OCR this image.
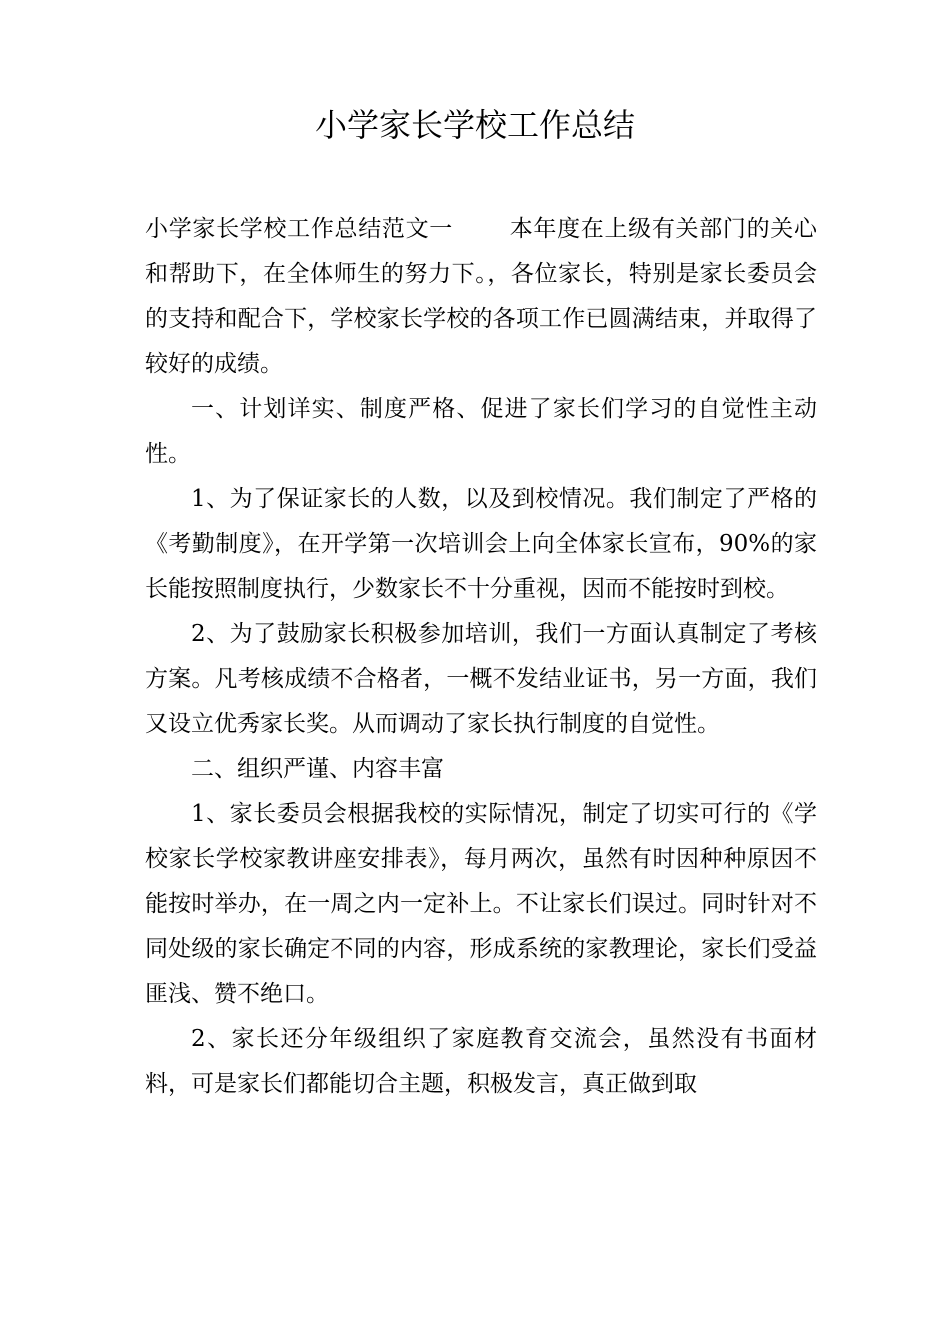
小学家长学校工作总结

小学家长学校工作总结范文一 本年度在上级有关部门的关心和帮助下，在全体师生的努力下。，各位家长，特别是家长委员会的支持和配合下，学校家长学校的各项工作已圆满结束，并取得了较好的成绩。

一、计划详实、制度严格、促进了家长们学习的自觉性主动性。

1、为了保证家长的人数，以及到校情况。我们制定了严格的《考勤制度》，在开学第一次培训会上向全体家长宣布，90%的家长能按照制度执行，少数家长不十分重视，因而不能按时到校。

2、为了鼓励家长积极参加培训，我们一方面认真制定了考核方案。凡考核成绩不合格者，一概不发结业证书，另一方面，我们又设立优秀家长奖。从而调动了家长执行制度的自觉性。

二、组织严谨、内容丰富

1、家长委员会根据我校的实际情况，制定了切实可行的《学校家长学校家教讲座安排表》，每月两次，虽然有时因种种原因不能按时举办，在一周之内一定补上。不让家长们误过。同时针对不同处级的家长确定不同的内容，形成系统的家教理论，家长们受益匪浅、赞不绝口。

2、家长还分年级组织了家庭教育交流会，虽然没有书面材料，可是家长们都能切合主题，积极发言，真正做到取
